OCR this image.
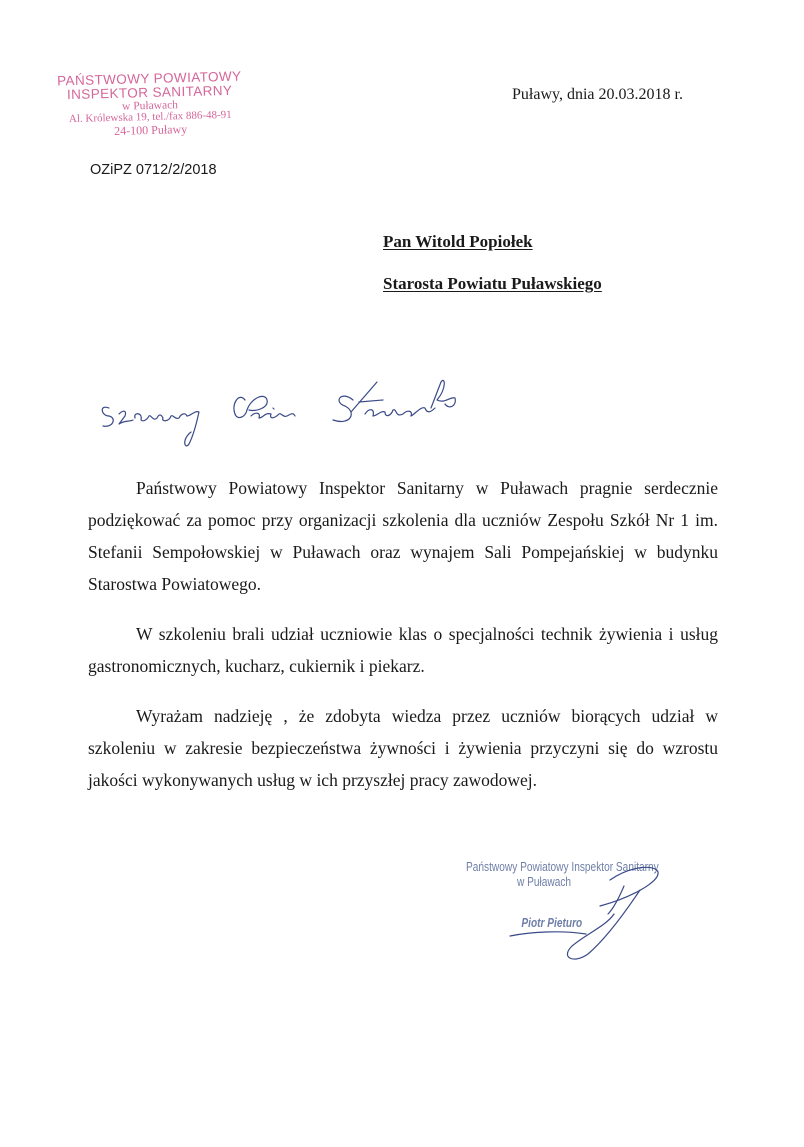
PAŃSTWOWY POWIATOWY
INSPEKTOR SANITARNY
w Puławach
Al. Królewska 19, tel./fax 886-48-91
24-100 Puławy
Puławy, dnia 20.03.2018 r.
OZiPZ 0712/2/2018
Pan Witold Popiołek
Starosta Powiatu Puławskiego

Państwowy Powiatowy Inspektor Sanitarny w Puławach pragnie serdecznie podziękować za pomoc przy organizacji szkolenia dla uczniów Zespołu Szkół Nr 1 im. Stefanii Sempołowskiej w Puławach oraz wynajem Sali Pompejańskiej w budynku Starostwa Powiatowego.

W szkoleniu brali udział uczniowie klas o specjalności technik żywienia i usług gastronomicznych, kucharz, cukiernik i piekarz.

Wyrażam nadzieję , że zdobyta wiedza przez uczniów biorących udział w szkoleniu w zakresie bezpieczeństwa żywności i żywienia przyczyni się do wzrostu jakości wykonywanych usług w ich przyszłej pracy zawodowej.

Państwowy Powiatowy Inspektor Sanitarny
w Puławach
Piotr Pieturo
